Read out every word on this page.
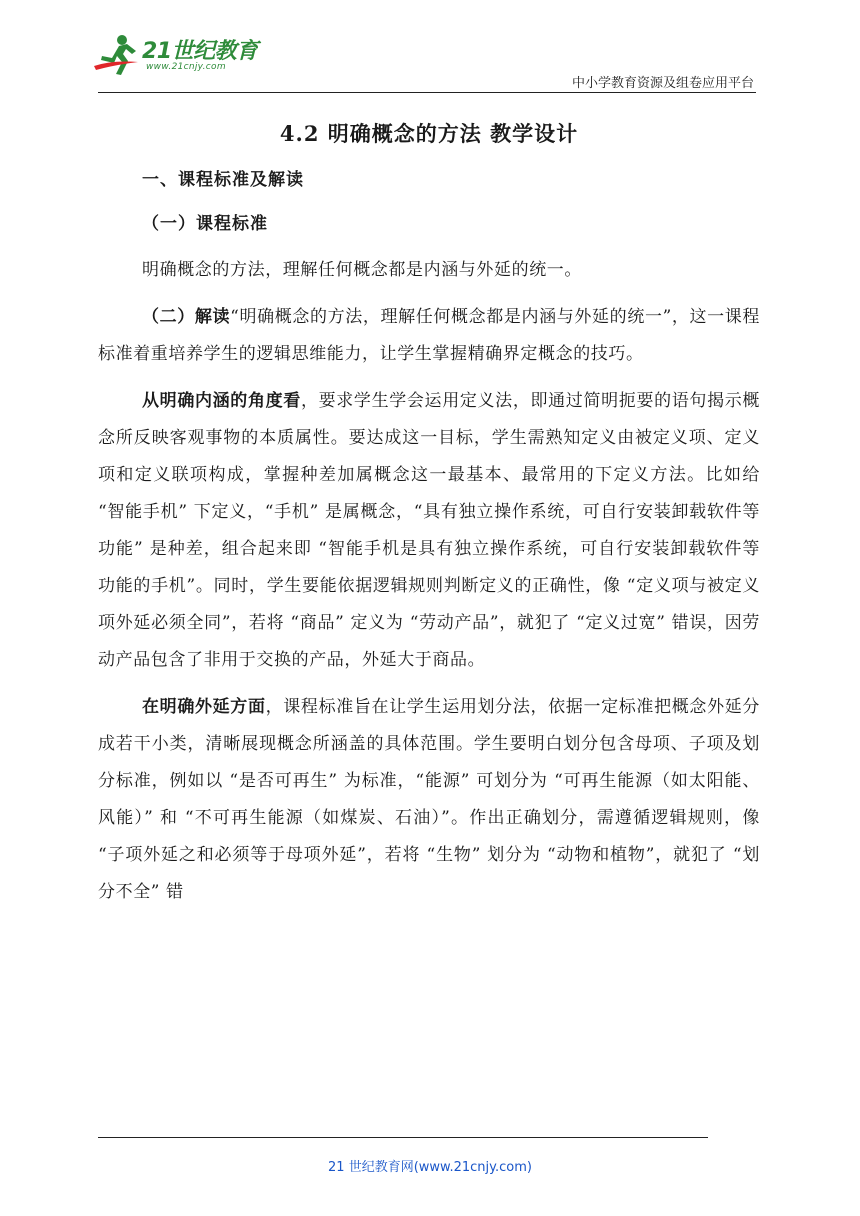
21世纪教育
www.21cnjy.com
中小学教育资源及组卷应用平台
4.2 明确概念的方法 教学设计
一、课程标准及解读
（一）课程标准

明确概念的方法，理解任何概念都是内涵与外延的统一。

（二）解读“明确概念的方法，理解任何概念都是内涵与外延的统一”，这一课程标准着重培养学生的逻辑思维能力，让学生掌握精确界定概念的技巧。

从明确内涵的角度看，要求学生学会运用定义法，即通过简明扼要的语句揭示概念所反映客观事物的本质属性。要达成这一目标，学生需熟知定义由被定义项、定义项和定义联项构成，掌握种差加属概念这一最基本、最常用的下定义方法。比如给 “智能手机” 下定义，“手机” 是属概念，“具有独立操作系统，可自行安装卸载软件等功能” 是种差，组合起来即 “智能手机是具有独立操作系统，可自行安装卸载软件等功能的手机”。同时，学生要能依据逻辑规则判断定义的正确性，像 “定义项与被定义项外延必须全同”，若将 “商品” 定义为 “劳动产品”，就犯了 “定义过宽” 错误，因劳动产品包含了非用于交换的产品，外延大于商品。

在明确外延方面，课程标准旨在让学生运用划分法，依据一定标准把概念外延分成若干小类，清晰展现概念所涵盖的具体范围。学生要明白划分包含母项、子项及划分标准，例如以 “是否可再生” 为标准，“能源” 可划分为 “可再生能源（如太阳能、风能）” 和 “不可再生能源（如煤炭、石油）”。作出正确划分，需遵循逻辑规则，像 “子项外延之和必须等于母项外延”，若将 “生物” 划分为 “动物和植物”，就犯了 “划分不全” 错

21 世纪教育网(www.21cnjy.com)
